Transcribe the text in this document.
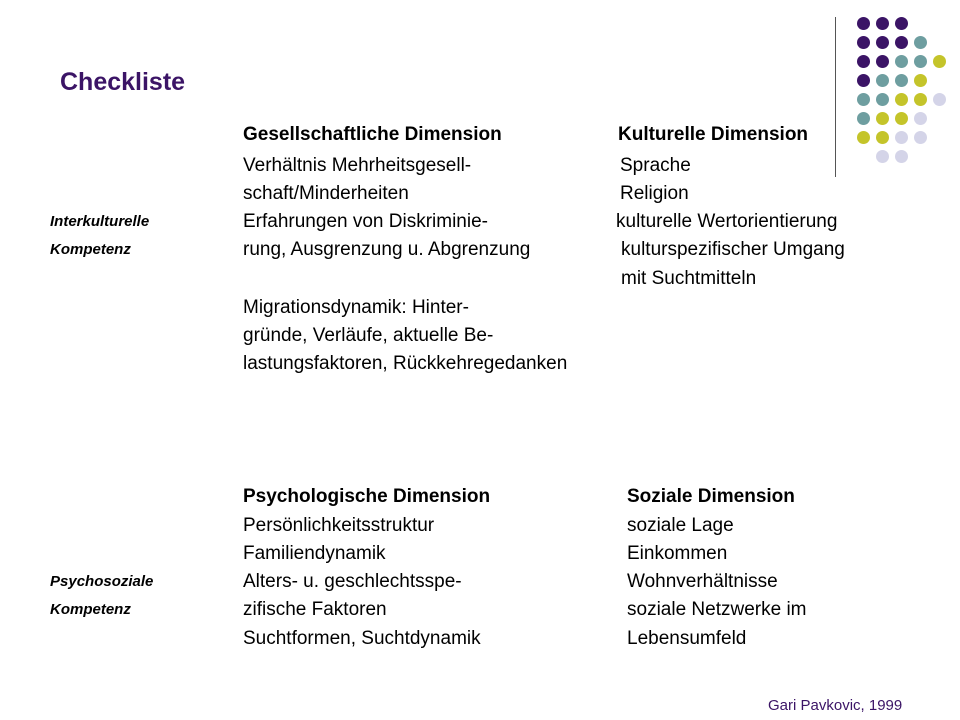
Checkliste
Gesellschaftliche Dimension	Kulturelle Dimension
Verhältnis Mehrheitsgesell-
schaft/Minderheiten
Erfahrungen von Diskriminie-
rung, Ausgrenzung u. Abgrenzung
Migrationsdynamik: Hinter-
gründe, Verläufe, aktuelle Be-
lastungsfaktoren, Rückkehregedanken
Sprache
Religion
kulturelle Wertorientierung
kulturspezifischer Umgang
mit Suchtmitteln
Interkulturelle
Kompetenz
Psychologische Dimension	Soziale Dimension
Persönlichkeitsstruktur
Familiendynamik
Alters- u. geschlechtsspe-
zifische Faktoren
Suchtformen, Suchtdynamik
soziale Lage
Einkommen
Wohnverhältnisse
soziale Netzwerke im
Lebensumfeld
Psychosoziale
Kompetenz
Gari Pavkovic, 1999
